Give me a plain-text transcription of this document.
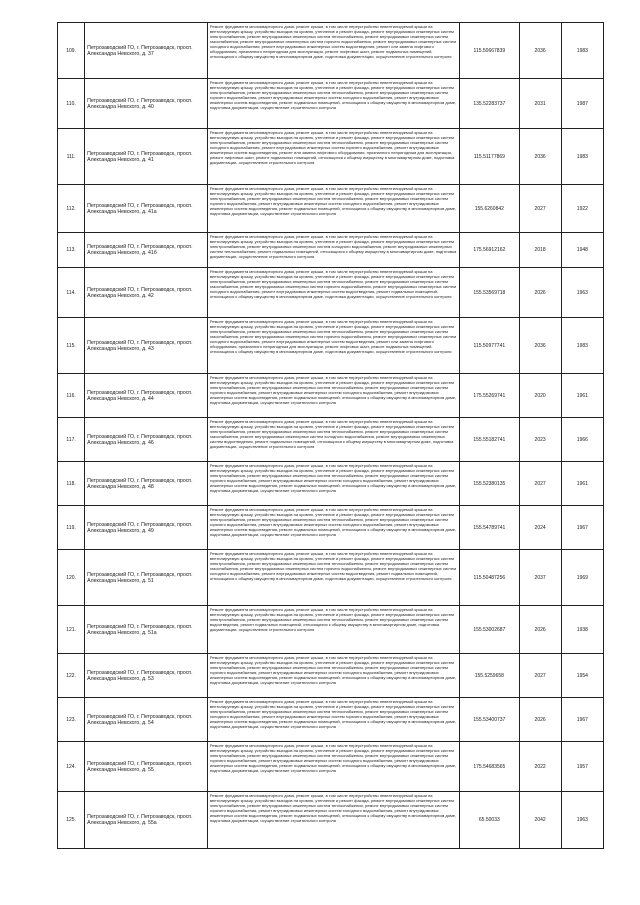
109.	Петрозаводский ГО, г. Петрозаводск, просп. Александра Невского, д. 37	Ремонт фундамента многоквартирного дома, ремонт крыши, в том числе переустройство невентилируемой крыши на вентилируемую крышу, устройство выходов на кровлю, утепление и ремонт фасада, ремонт внутридомовых инженерных систем электроснабжения, ремонт внутридомовых инженерных систем теплоснабжения, ремонт внутридомовых инженерных систем газоснабжения, ремонт внутридомовых инженерных систем горячего водоснабжения, ремонт внутридомовых инженерных систем холодного водоснабжения, ремонт внутридомовых инженерных систем водоотведения, ремонт или замена лифтового оборудования, признанного непригодным для эксплуатации, ремонт лифтовых шахт, ремонт подвальных помещений, относящихся к общему имуществу в многоквартирном доме, подготовка документации, осуществление строительного контроля	115.50667839	2036	1983
110.	Петрозаводский ГО, г. Петрозаводск, просп. Александра Невского, д. 40	Ремонт фундамента многоквартирного дома, ремонт крыши, в том числе переустройство невентилируемой крыши на вентилируемую крышу, устройство выходов на кровлю, утепление и ремонт фасада, ремонт внутридомовых инженерных систем электроснабжения, ремонт внутридомовых инженерных систем теплоснабжения, ремонт внутридомовых инженерных систем горячего водоснабжения, ремонт внутридомовых инженерных систем холодного водоснабжения, ремонт внутридомовых инженерных систем водоотведения, ремонт подвальных помещений, относящихся к общему имуществу в многоквартирном доме, подготовка документации, осуществление строительного контроля	135.52283737	2031	1987
111.	Петрозаводский ГО, г. Петрозаводск, просп. Александра Невского, д. 41	Ремонт фундамента многоквартирного дома, ремонт крыши, в том числе переустройство невентилируемой крыши на вентилируемую крышу, устройство выходов на кровлю, утепление и ремонт фасада, ремонт внутридомовых инженерных систем электроснабжения, ремонт внутридомовых инженерных систем теплоснабжения, ремонт внутридомовых инженерных систем холодного водоснабжения, ремонт внутридомовых инженерных систем горячего водоснабжения, ремонт внутридомовых инженерных систем водоотведения, ремонт или замена лифтового оборудования, признанного непригодным для эксплуатации, ремонт лифтовых шахт, ремонт подвальных помещений, относящихся к общему имуществу в многоквартирном доме, подготовка документации, осуществление строительного контроля	115.51177869	2036	1983
112.	Петрозаводский ГО, г. Петрозаводск, просп. Александра Невского, д. 41а	Ремонт фундамента многоквартирного дома, ремонт крыши, в том числе переустройство невентилируемой крыши на вентилируемую крышу, устройство выходов на кровлю, утепление и ремонт фасада, ремонт внутридомовых инженерных систем электроснабжения, ремонт внутридомовых инженерных систем теплоснабжения, ремонт внутридомовых инженерных систем горячего водоснабжения, ремонт внутридомовых инженерных систем холодного водоснабжения, ремонт внутридомовых инженерных систем водоотведения, ремонт подвальных помещений, относящихся к общему имуществу в многоквартирном доме, подготовка документации, осуществление строительного контроля	155.6260842	2027	1922
113.	Петрозаводский ГО, г. Петрозаводск, просп. Александра Невского, д. 41б	Ремонт фундамента многоквартирного дома, ремонт крыши, в том числе переустройство невентилируемой крыши на вентилируемую крышу, устройство выходов на кровлю, утепление и ремонт фасада, ремонт внутридомовых инженерных систем электроснабжения, ремонт внутридомовых инженерных систем холодного водоснабжения, ремонт внутридомовых инженерных систем теплоснабжения, ремонт подвальных помещений, относящихся к общему имуществу в многоквартирном доме, подготовка документации, осуществление строительного контроля	175.56912162	2018	1948
114.	Петрозаводский ГО, г. Петрозаводск, просп. Александра Невского, д. 42	Ремонт фундамента многоквартирного дома, ремонт крыши, в том числе переустройство невентилируемой крыши на вентилируемую крышу, устройство выходов на кровлю, утепление и ремонт фасада, ремонт внутридомовых инженерных систем электроснабжения, ремонт внутридомовых инженерных систем теплоснабжения, ремонт внутридомовых инженерных систем газоснабжения, ремонт внутридомовых инженерных систем горячего водоснабжения, ремонт внутридомовых инженерных систем холодного водоснабжения, ремонт внутридомовых инженерных систем водоотведения, ремонт подвальных помещений, относящихся к общему имуществу в многоквартирном доме, подготовка документации, осуществление строительного контроля	155.53569718	2026	1963
115.	Петрозаводский ГО, г. Петрозаводск, просп. Александра Невского, д. 43	Ремонт фундамента многоквартирного дома, ремонт крыши, в том числе переустройство невентилируемой крыши на вентилируемую крышу, устройство выходов на кровлю, утепление и ремонт фасада, ремонт внутридомовых инженерных систем электроснабжения, ремонт внутридомовых инженерных систем теплоснабжения, ремонт внутридомовых инженерных систем газоснабжения, ремонт внутридомовых инженерных систем горячего водоснабжения, ремонт внутридомовых инженерных систем холодного водоснабжения, ремонт внутридомовых инженерных систем водоотведения, ремонт или замена лифтового оборудования, признанного непригодным для эксплуатации, ремонт лифтовых шахт, ремонт подвальных помещений, относящихся к общему имуществу в многоквартирном доме, подготовка документации, осуществление строительного контроля	115.50977741	2036	1983
116.	Петрозаводский ГО, г. Петрозаводск, просп. Александра Невского, д. 44	Ремонт фундамента многоквартирного дома, ремонт крыши, в том числе переустройство невентилируемой крыши на вентилируемую крышу, устройство выходов на кровлю, утепление и ремонт фасада, ремонт внутридомовых инженерных систем электроснабжения, ремонт внутридомовых инженерных систем теплоснабжения, ремонт внутридомовых инженерных систем горячего водоснабжения, ремонт внутридомовых инженерных систем холодного водоснабжения, ремонт внутридомовых инженерных систем водоотведения, ремонт подвальных помещений, относящихся к общему имуществу в многоквартирном доме, подготовка документации, осуществление строительного контроля	175.55269741	2020	1961
117.	Петрозаводский ГО, г. Петрозаводск, просп. Александра Невского, д. 46	Ремонт фундамента многоквартирного дома, ремонт крыши, в том числе переустройство невентилируемой крыши на вентилируемую крышу, устройство выходов на кровлю, утепление и ремонт фасада, ремонт внутридомовых инженерных систем электроснабжения, ремонт внутридомовых инженерных систем теплоснабжения, ремонт внутридомовых инженерных систем газоснабжения, ремонт внутридомовых инженерных систем холодного водоснабжения, ремонт внутридомовых инженерных систем водоотведения, ремонт подвальных помещений, относящихся к общему имуществу в многоквартирном доме, подготовка документации, осуществление строительного контроля	155.55182741	2023	1966
118.	Петрозаводский ГО, г. Петрозаводск, просп. Александра Невского, д. 48	Ремонт фундамента многоквартирного дома, ремонт крыши, в том числе переустройство невентилируемой крыши на вентилируемую крышу, устройство выходов на кровлю, утепление и ремонт фасада, ремонт внутридомовых инженерных систем электроснабжения, ремонт внутридомовых инженерных систем теплоснабжения, ремонт внутридомовых инженерных систем горячего водоснабжения, ремонт внутридомовых инженерных систем холодного водоснабжения, ремонт внутридомовых инженерных систем водоотведения, ремонт подвальных помещений, относящихся к общему имуществу в многоквартирном доме, подготовка документации, осуществление строительного контроля	155.52380135	2027	1961
119.	Петрозаводский ГО, г. Петрозаводск, просп. Александра Невского, д. 49	Ремонт фундамента многоквартирного дома, ремонт крыши, в том числе переустройство невентилируемой крыши на вентилируемую крышу, устройство выходов на кровлю, утепление и ремонт фасада, ремонт внутридомовых инженерных систем электроснабжения, ремонт внутридомовых инженерных систем теплоснабжения, ремонт внутридомовых инженерных систем горячего водоснабжения, ремонт внутридомовых инженерных систем холодного водоснабжения, ремонт внутридомовых инженерных систем водоотведения, ремонт подвальных помещений, относящихся к общему имуществу в многоквартирном доме, подготовка документации, осуществление строительного контроля	155.54789741	2024	1967
120.	Петрозаводский ГО, г. Петрозаводск, просп. Александра Невского, д. 51	Ремонт фундамента многоквартирного дома, ремонт крыши, в том числе переустройство невентилируемой крыши на вентилируемую крышу, устройство выходов на кровлю, утепление и ремонт фасада, ремонт внутридомовых инженерных систем электроснабжения, ремонт внутридомовых инженерных систем теплоснабжения, ремонт внутридомовых инженерных систем газоснабжения, ремонт внутридомовых инженерных систем горячего водоснабжения, ремонт внутридомовых инженерных систем холодного водоснабжения, ремонт внутридомовых инженерных систем водоотведения, ремонт подвальных помещений, относящихся к общему имуществу в многоквартирном доме, подготовка документации, осуществление строительного контроля	115.50487256	2037	1969
121.	Петрозаводский ГО, г. Петрозаводск, просп. Александра Невского, д. 51а	Ремонт фундамента многоквартирного дома, ремонт крыши, в том числе переустройство невентилируемой крыши на вентилируемую крышу, устройство выходов на кровлю, утепление и ремонт фасада, ремонт внутридомовых инженерных систем электроснабжения, ремонт внутридомовых инженерных систем теплоснабжения, ремонт внутридомовых инженерных систем водоотведения, ремонт подвальных помещений, относящихся к общему имуществу в многоквартирном доме, подготовка документации, осуществление строительного контроля	155.53002687	2026	1938
122.	Петрозаводский ГО, г. Петрозаводск, просп. Александра Невского, д. 53	Ремонт фундамента многоквартирного дома, ремонт крыши, в том числе переустройство невентилируемой крыши на вентилируемую крышу, устройство выходов на кровлю, утепление и ремонт фасада, ремонт внутридомовых инженерных систем электроснабжения, ремонт внутридомовых инженерных систем теплоснабжения, ремонт внутридомовых инженерных систем горячего водоснабжения, ремонт внутридомовых инженерных систем холодного водоснабжения, ремонт внутридомовых инженерных систем водоотведения, ремонт подвальных помещений, относящихся к общему имуществу в многоквартирном доме, подготовка документации, осуществление строительного контроля	155.5259658	2027	1954
123.	Петрозаводский ГО, г. Петрозаводск, просп. Александра Невского, д. 54	Ремонт фундамента многоквартирного дома, ремонт крыши, в том числе переустройство невентилируемой крыши на вентилируемую крышу, устройство выходов на кровлю, утепление и ремонт фасада, ремонт внутридомовых инженерных систем электроснабжения, ремонт внутридомовых инженерных систем теплоснабжения, ремонт внутридомовых инженерных систем холодного водоснабжения, ремонт внутридомовых инженерных систем горячего водоснабжения, ремонт внутридомовых инженерных систем водоотведения, ремонт подвальных помещений, относящихся к общему имуществу в многоквартирном доме, подготовка документации, осуществление строительного контроля	155.53400737	2026	1967
124.	Петрозаводский ГО, г. Петрозаводск, просп. Александра Невского, д. 55	Ремонт фундамента многоквартирного дома, ремонт крыши, в том числе переустройство невентилируемой крыши на вентилируемую крышу, устройство выходов на кровлю, утепление и ремонт фасада, ремонт внутридомовых инженерных систем электроснабжения, ремонт внутридомовых инженерных систем теплоснабжения, ремонт внутридомовых инженерных систем горячего водоснабжения, ремонт внутридомовых инженерных систем холодного водоснабжения, ремонт внутридомовых инженерных систем водоотведения, ремонт подвальных помещений, относящихся к общему имуществу в многоквартирном доме, подготовка документации, осуществление строительного контроля	175.54683565	2022	1957
125.	Петрозаводский ГО, г. Петрозаводск, просп. Александра Невского, д. 55а	Ремонт фундамента многоквартирного дома, ремонт крыши, в том числе переустройство невентилируемой крыши на вентилируемую крышу, устройство выходов на кровлю, утепление и ремонт фасада, ремонт внутридомовых инженерных систем электроснабжения, ремонт внутридомовых инженерных систем теплоснабжения, ремонт внутридомовых инженерных систем горячего водоснабжения, ремонт внутридомовых инженерных систем холодного водоснабжения, ремонт внутридомовых инженерных систем водоотведения, ремонт подвальных помещений, относящихся к общему имуществу в многоквартирном доме, подготовка документации, осуществление строительного контроля	65.50033	2042	1963
